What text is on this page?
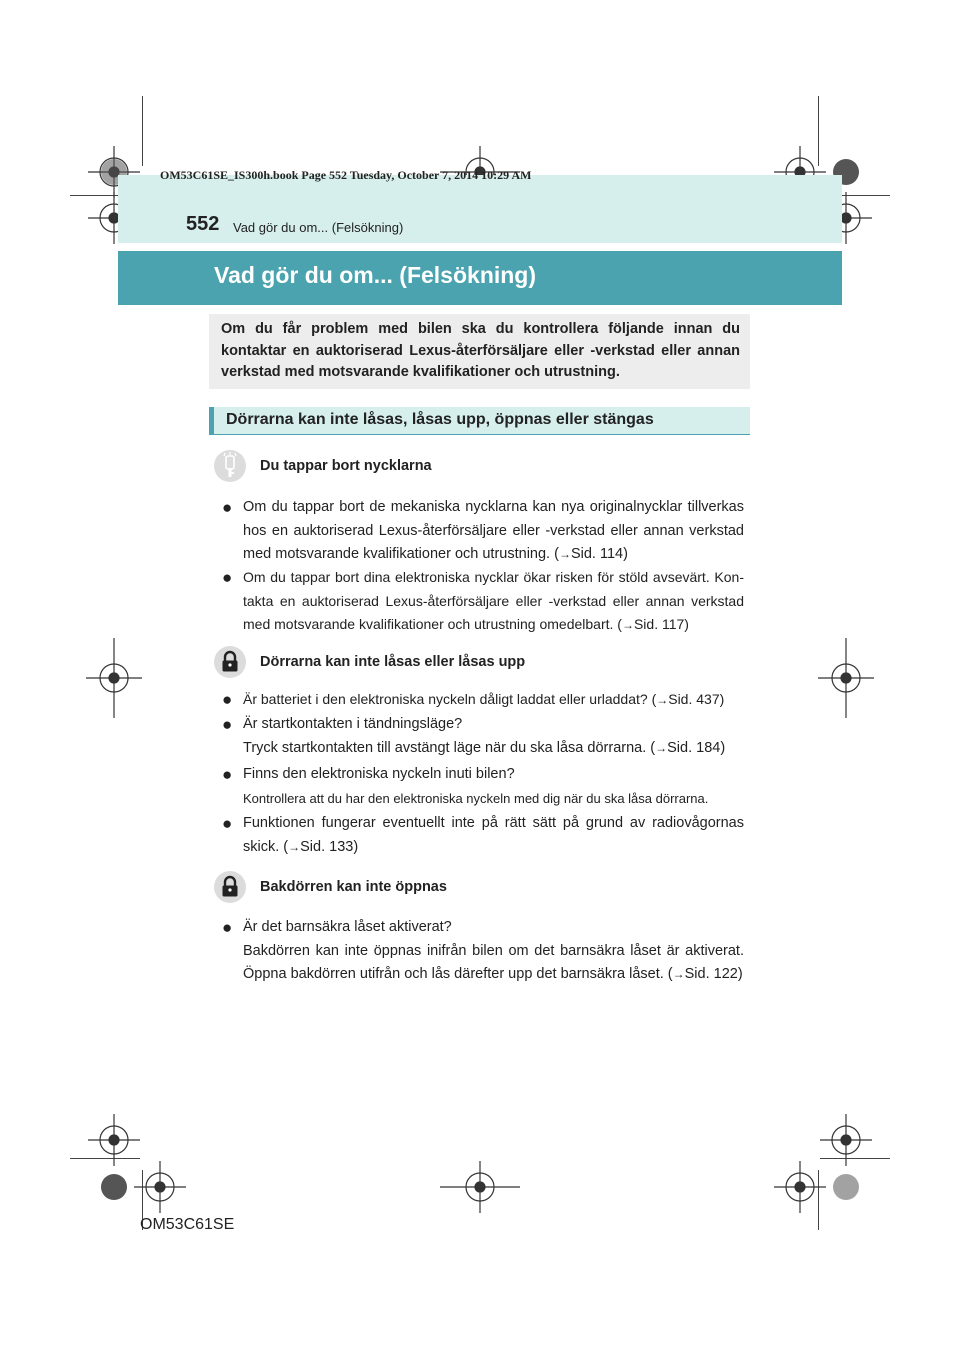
OM53C61SE_IS300h.book Page 552 Tuesday, October 7, 2014 10:29 AM
552 Vad gör du om... (Felsökning)
Vad gör du om... (Felsökning)
Om du får problem med bilen ska du kontrollera följande innan du kontaktar en auktoriserad Lexus-återförsäljare eller -verkstad eller annan verkstad med motsvarande kvalifikationer och utrustning.
Dörrarna kan inte låsas, låsas upp, öppnas eller stängas
Du tappar bort nycklarna
● Om du tappar bort de mekaniska nycklarna kan nya originalnycklar tillverkas hos en auktoriserad Lexus-återförsäljare eller -verkstad eller annan verkstad med motsvarande kvalifikationer och utrustning. (→Sid. 114)
● Om du tappar bort dina elektroniska nycklar ökar risken för stöld avsevärt. Kon-takta en auktoriserad Lexus-återförsäljare eller -verkstad eller annan verkstad med motsvarande kvalifikationer och utrustning omedelbart. (→Sid. 117)
Dörrarna kan inte låsas eller låsas upp
● Är batteriet i den elektroniska nyckeln dåligt laddat eller urladdat? (→Sid. 437)
● Är startkontakten i tändningsläge?
Tryck startkontakten till avstängt läge när du ska låsa dörrarna. (→Sid. 184)
● Finns den elektroniska nyckeln inuti bilen?
Kontrollera att du har den elektroniska nyckeln med dig när du ska låsa dörrarna.
● Funktionen fungerar eventuellt inte på rätt sätt på grund av radiovågornas skick. (→Sid. 133)
Bakdörren kan inte öppnas
● Är det barnsäkra låset aktiverat?
Bakdörren kan inte öppnas inifrån bilen om det barnsäkra låset är aktiverat. Öppna bakdörren utifrån och lås därefter upp det barnsäkra låset. (→Sid. 122)
OM53C61SE
